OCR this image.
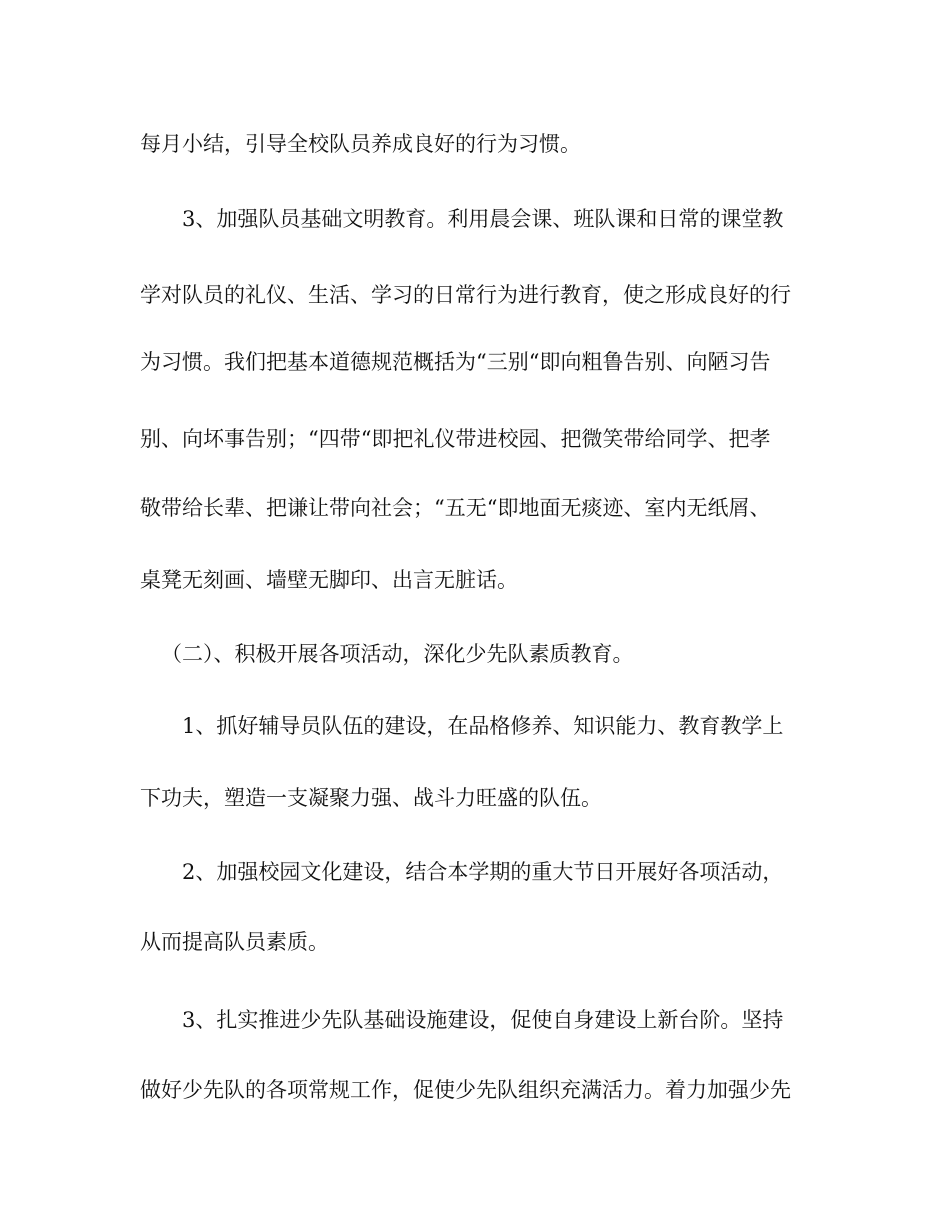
每月小结，引导全校队员养成良好的行为习惯。

3、加强队员基础文明教育。利用晨会课、班队课和日常的课堂教

学对队员的礼仪、生活、学习的日常行为进行教育，使之形成良好的行

为习惯。我们把基本道德规范概括为“三别“即向粗鲁告别、向陋习告

别、向坏事告别；“四带“即把礼仪带进校园、把微笑带给同学、把孝

敬带给长辈、把谦让带向社会；“五无“即地面无痰迹、室内无纸屑、

桌凳无刻画、墙壁无脚印、出言无脏话。

（二）、积极开展各项活动，深化少先队素质教育。

1、抓好辅导员队伍的建设，在品格修养、知识能力、教育教学上

下功夫，塑造一支凝聚力强、战斗力旺盛的队伍。

2、加强校园文化建设，结合本学期的重大节日开展好各项活动，

从而提高队员素质。

3、扎实推进少先队基础设施建设，促使自身建设上新台阶。坚持

做好少先队的各项常规工作，促使少先队组织充满活力。着力加强少先
